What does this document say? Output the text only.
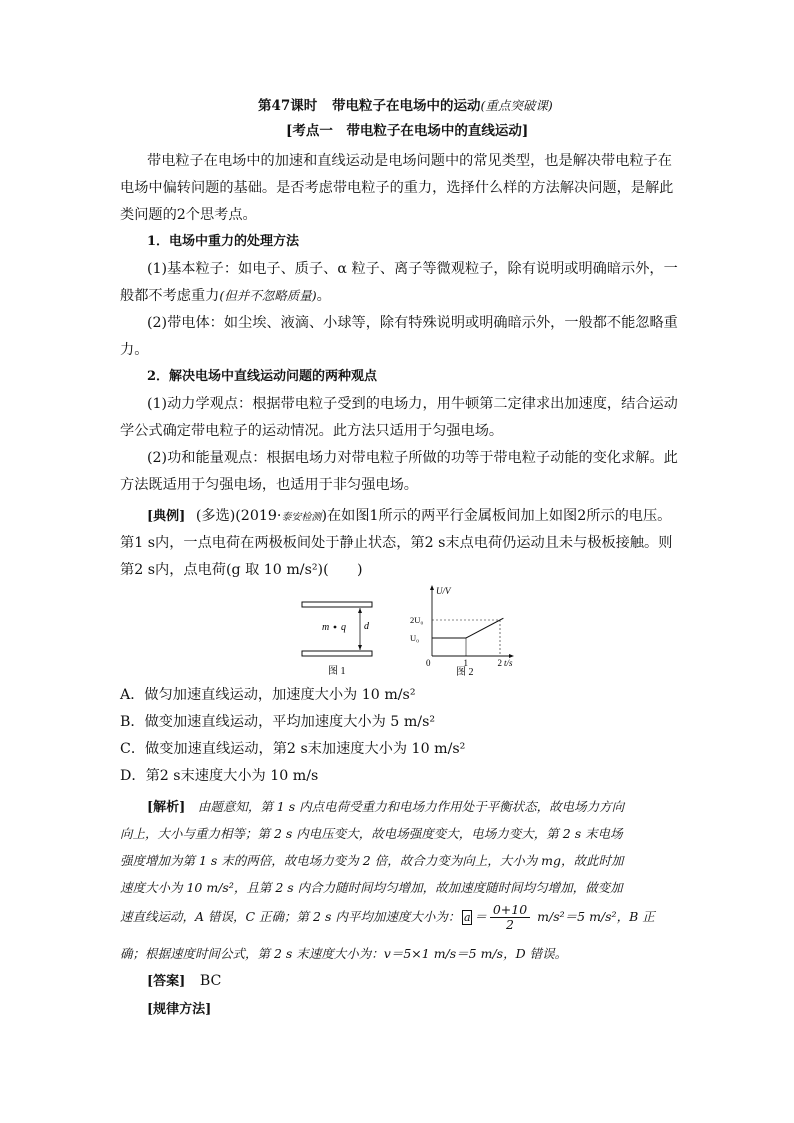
第47课时 带电粒子在电场中的运动(重点突破课)
[考点一　带电粒子在电场中的直线运动]
带电粒子在电场中的加速和直线运动是电场问题中的常见类型，也是解决带电粒子在
电场中偏转问题的基础。是否考虑带电粒子的重力，选择什么样的方法解决问题，是解此
类问题的2个思考点。
1．电场中重力的处理方法
(1)基本粒子：如电子、质子、α 粒子、离子等微观粒子，除有说明或明确暗示外，一
般都不考虑重力(但并不忽略质量)。
(2)带电体：如尘埃、液滴、小球等，除有特殊说明或明确暗示外，一般都不能忽略重
力。
2．解决电场中直线运动问题的两种观点
(1)动力学观点：根据带电粒子受到的电场力，用牛顿第二定律求出加速度，结合运动
学公式确定带电粒子的运动情况。此方法只适用于匀强电场。
(2)功和能量观点：根据电场力对带电粒子所做的功等于带电粒子动能的变化求解。此
方法既适用于匀强电场，也适用于非匀强电场。
[典例] (多选)(2019·泰安检测)在如图1所示的两平行金属板间加上如图2所示的电压。
第1 s内，一点电荷在两极板间处于静止状态，第2 s末点电荷仍运动且未与极板接触。则
第2 s内，点电荷(g 取 10 m/s²)(　　)
m q d
图 1
U/V
t/s
2U₀
U₀
0	1	2
图 2
A．做匀加速直线运动，加速度大小为 10 m/s²
B．做变加速直线运动，平均加速度大小为 5 m/s²
C．做变加速直线运动，第2 s末加速度大小为 10 m/s²
D．第2 s末速度大小为 10 m/s
[解析] 由题意知，第 1 s 内点电荷受重力和电场力作用处于平衡状态，故电场力方向
向上，大小与重力相等；第 2 s 内电压变大，故电场强度变大，电场力变大，第 2 s 末电场
强度增加为第 1 s 末的两倍，故电场力变为 2 倍，故合力变为向上，大小为 mg，故此时加
速度大小为 10 m/s²，且第 2 s 内合力随时间均匀增加，故加速度随时间均匀增加，做变加
速直线运动，A 错误，C 正确；第 2 s 内平均加速度大小为： $a = \frac{0+10}{2} m/s^2=5$ m/s²，B 正
确；根据速度时间公式，第 2 s 末速度大小为：v＝5×1 m/s＝5 m/s，D 错误。
[答案] BC
[规律方法]
